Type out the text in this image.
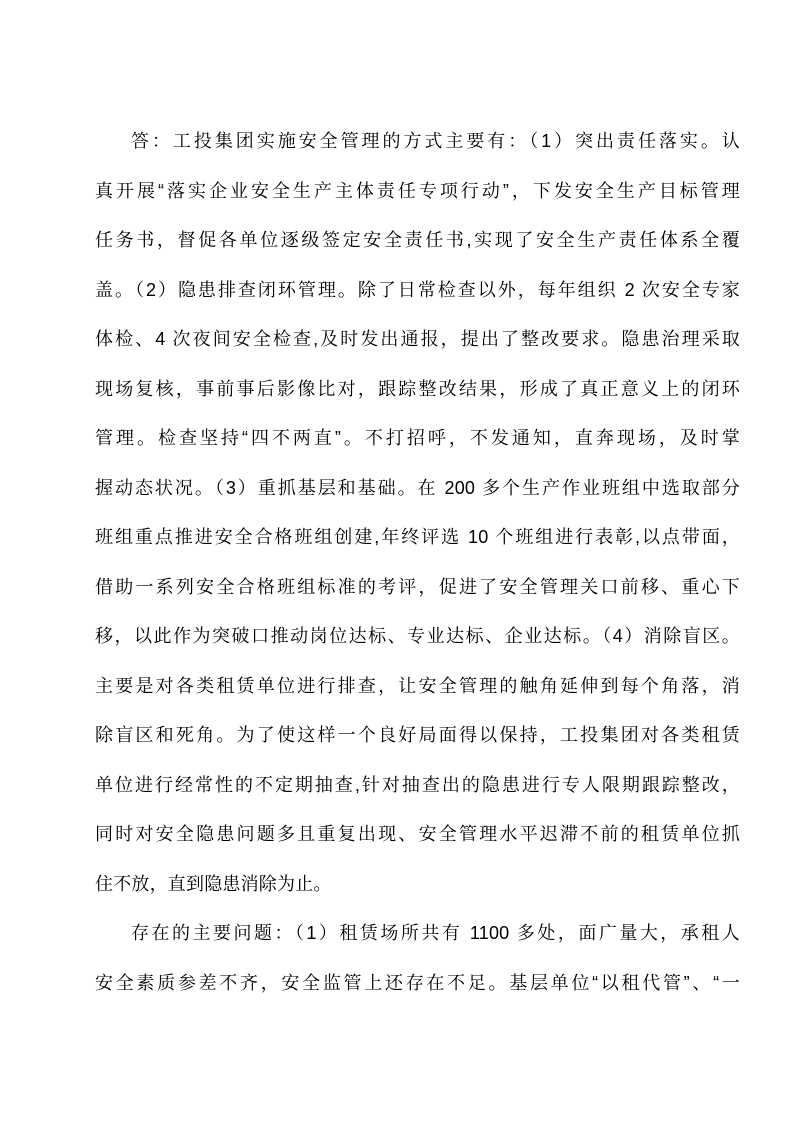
答：工投集团实施安全管理的方式主要有：（1）突出责任落实。认

真开展“落实企业安全生产主体责任专项行动”，下发安全生产目标管理

任务书，督促各单位逐级签定安全责任书,实现了安全生产责任体系全覆

盖。（2）隐患排查闭环管理。除了日常检查以外，每年组织 2 次安全专家

体检、4 次夜间安全检查,及时发出通报，提出了整改要求。隐患治理采取

现场复核，事前事后影像比对，跟踪整改结果，形成了真正意义上的闭环

管理。检查坚持“四不两直”。不打招呼，不发通知，直奔现场，及时掌

握动态状况。（3）重抓基层和基础。在 200 多个生产作业班组中选取部分

班组重点推进安全合格班组创建,年终评选 10 个班组进行表彰,以点带面，

借助一系列安全合格班组标准的考评，促进了安全管理关口前移、重心下

移，以此作为突破口推动岗位达标、专业达标、企业达标。（4）消除盲区。

主要是对各类租赁单位进行排查，让安全管理的触角延伸到每个角落，消

除盲区和死角。为了使这样一个良好局面得以保持，工投集团对各类租赁

单位进行经常性的不定期抽查,针对抽查出的隐患进行专人限期跟踪整改，

同时对安全隐患问题多且重复出现、安全管理水平迟滞不前的租赁单位抓

住不放，直到隐患消除为止。

存在的主要问题：（1）租赁场所共有 1100 多处，面广量大，承租人

安全素质参差不齐，安全监管上还存在不足。基层单位“以租代管”、“一
